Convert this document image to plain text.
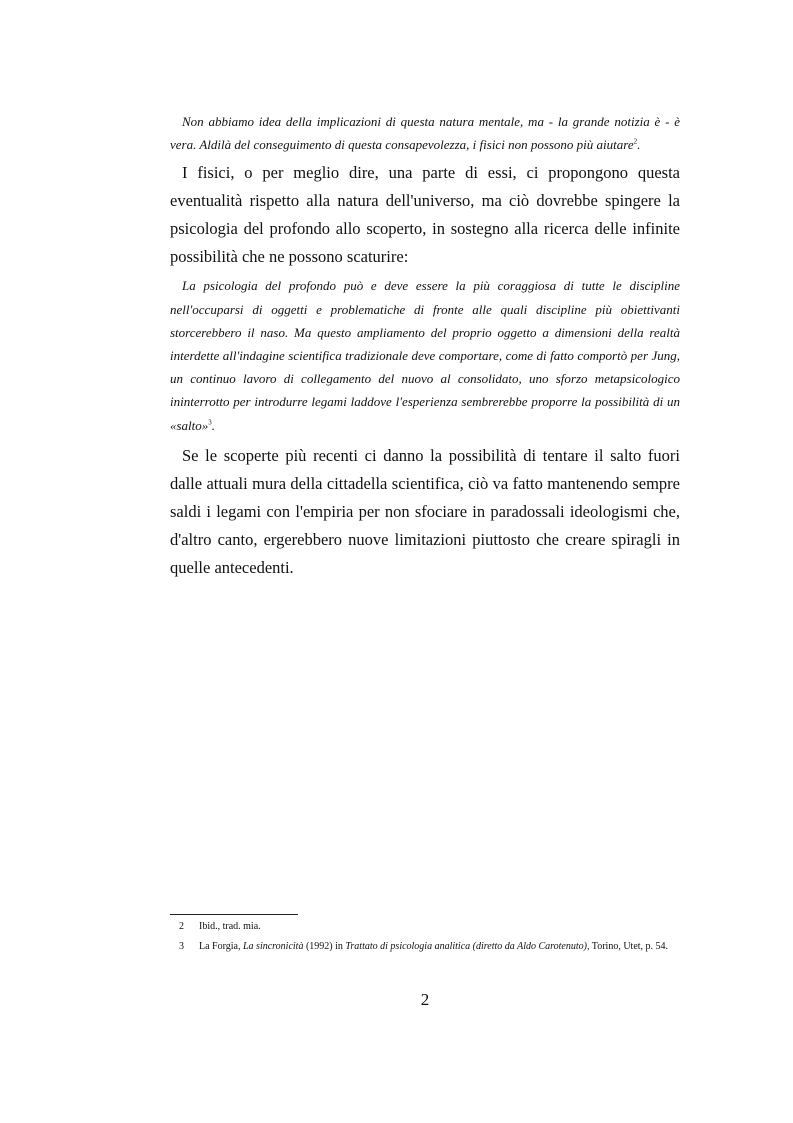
Non abbiamo idea della implicazioni di questa natura mentale, ma - la grande notizia è - è vera. Aldilà del conseguimento di questa consapevolezza, i fisici non possono più aiutare$^2$.

I fisici, o per meglio dire, una parte di essi, ci propongono questa eventualità rispetto alla natura dell'universo, ma ciò dovrebbe spingere la psicologia del profondo allo scoperto, in sostegno alla ricerca delle infinite possibilità che ne possono scaturire:

La psicologia del profondo può e deve essere la più coraggiosa di tutte le discipline nell'occuparsi di oggetti e problematiche di fronte alle quali discipline più obiettivanti storcerebbero il naso. Ma questo ampliamento del proprio oggetto a dimensioni della realtà interdette all'indagine scientifica tradizionale deve comportare, come di fatto comportò per Jung, un continuo lavoro di collegamento del nuovo al consolidato, uno sforzo metapsicologico ininterrotto per introdurre legami laddove l'esperienza sembrerebbe proporre la possibilità di un «salto»$^3$.

Se le scoperte più recenti ci danno la possibilità di tentare il salto fuori dalle attuali mura della cittadella scientifica, ciò va fatto mantenendo sempre saldi i legami con l'empiria per non sfociare in paradossali ideologismi che, d'altro canto, ergerebbero nuove limitazioni piuttosto che creare spiragli in quelle antecedenti.

2	Ibid., trad. mia.
3	La Forgia, La sincronicità (1992) in Trattato di psicologia analitica (diretto da Aldo Carotenuto), Torino, Utet, p. 54.
2
